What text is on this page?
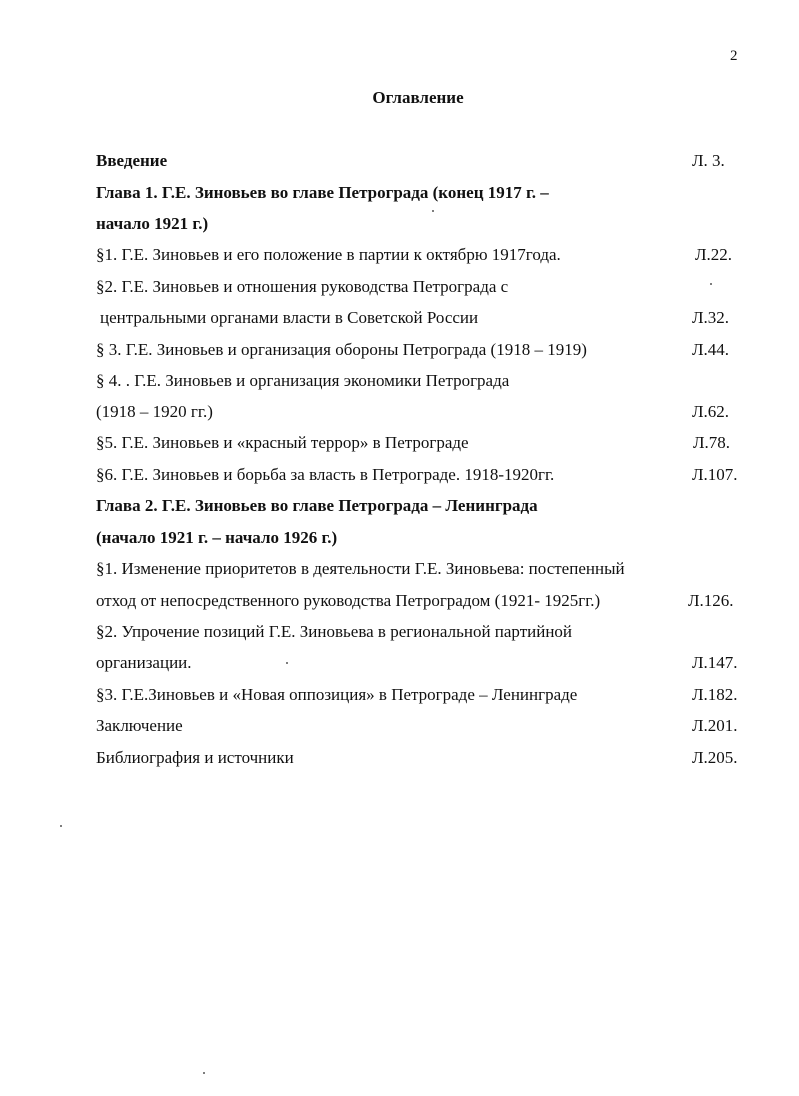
2
Оглавление
Введение	Л. 3.
Глава 1. Г.Е. Зиновьев во главе Петрограда (конец 1917 г. –
начало 1921 г.)
§1. Г.Е. Зиновьев и его положение в партии к октябрю 1917года.	Л.22.
§2. Г.Е. Зиновьев и отношения руководства Петрограда с
центральными органами власти в Советской России	Л.32.
§ 3. Г.Е. Зиновьев и организация обороны Петрограда (1918 – 1919)	Л.44.
§ 4. . Г.Е. Зиновьев и организация экономики Петрограда
(1918 – 1920 гг.)	Л.62.
§5. Г.Е. Зиновьев и «красный террор» в Петрограде	Л.78.
§6. Г.Е. Зиновьев и борьба за власть в Петрограде. 1918-1920гг.	Л.107.
Глава 2. Г.Е. Зиновьев во главе Петрограда – Ленинграда
(начало 1921 г. – начало 1926 г.)
§1. Изменение приоритетов в деятельности Г.Е. Зиновьева: постепенный
отход от непосредственного руководства Петроградом (1921- 1925гг.)	Л.126.
§2. Упрочение позиций Г.Е. Зиновьева в региональной партийной
организации.	Л.147.
§3. Г.Е.Зиновьев и «Новая оппозиция» в Петрограде – Ленинграде	Л.182.
Заключение	Л.201.
Библиография и источники	Л.205.
